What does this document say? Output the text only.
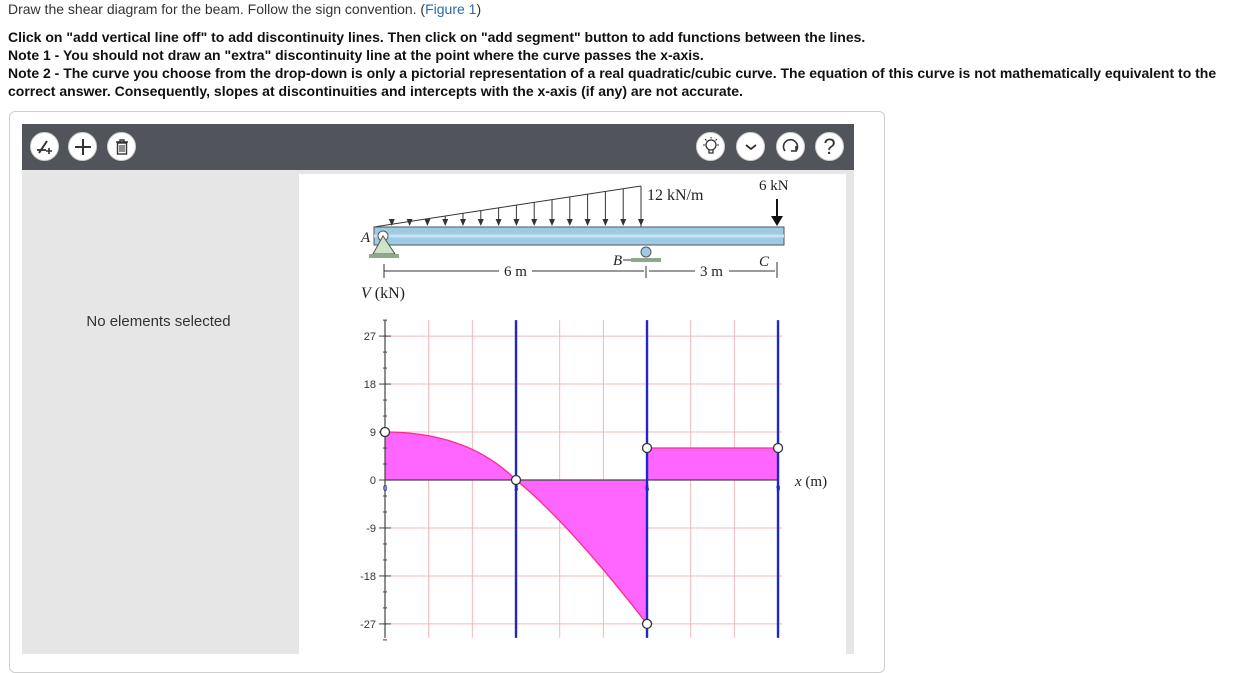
Draw the shear diagram for the beam. Follow the sign convention. (Figure 1)

Click on "add vertical line off" to add discontinuity lines. Then click on "add segment" button to add functions between the lines.

Note 1 - You should not draw an "extra" discontinuity line at the point where the curve passes the x-axis.

Note 2 - The curve you choose from the drop-down is only a pictorial representation of a real quadratic/cubic curve. The equation of this curve is not mathematically equivalent to the correct answer. Consequently, slopes at discontinuities and intercepts with the x-axis (if any) are not accurate.

?
No elements selected
A
B	C
6 kN
12 kN/m
6 m	3 m
V (kN)
x (m)
27
18
9
0
-9
-18
-27
0	3	6	9
